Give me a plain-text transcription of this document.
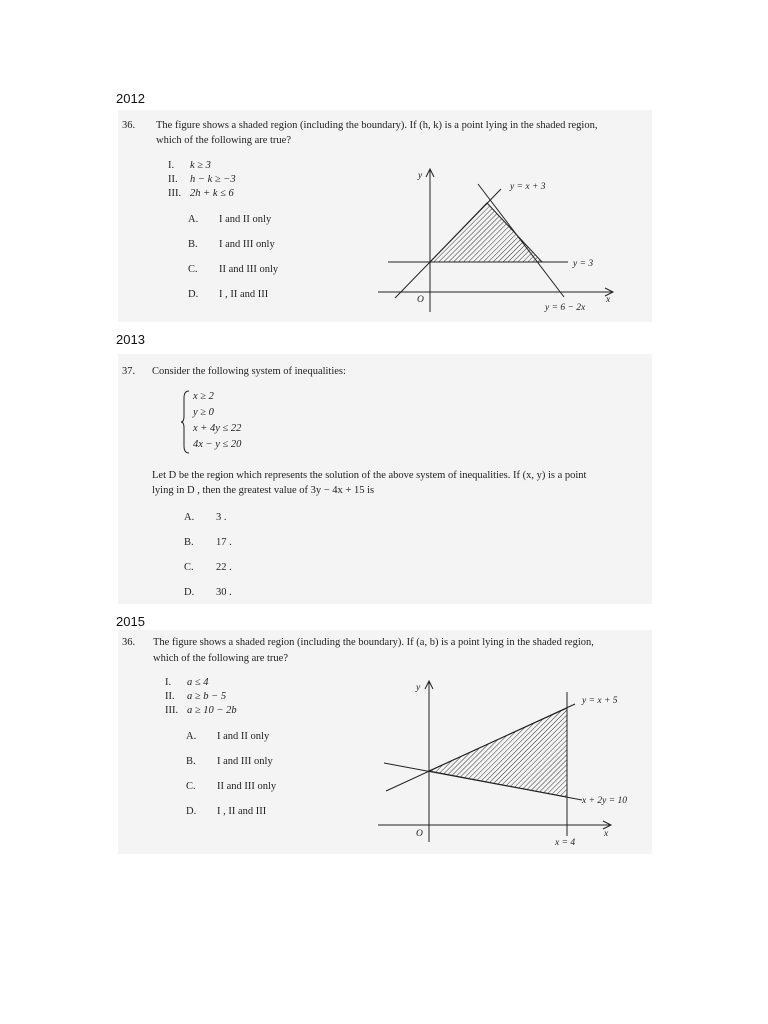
2012
36. The figure shows a shaded region (including the boundary). If (h, k) is a point lying in the shaded region,
which of the following are true?
I. k ≥ 3
II. h − k ≥ −3
III. 2h + k ≤ 6
A. I and II only
B. I and III only
C. II and III only
D. I , II and III
y
x
O
y = x + 3
y = 3
y = 6 − 2x
2013
37. Consider the following system of inequalities:
x ≥ 2
y ≥ 0
x + 4y ≤ 22
4x − y ≤ 20
Let D be the region which represents the solution of the above system of inequalities. If (x, y) is a point
lying in D , then the greatest value of 3y − 4x + 15 is
A. 3 .
B. 17 .
C. 22 .
D. 30 .
2015
36. The figure shows a shaded region (including the boundary). If (a, b) is a point lying in the shaded region,
which of the following are true?
I. a ≤ 4
II. a ≥ b − 5
III. a ≥ 10 − 2b
A. I and II only
B. I and III only
C. II and III only
D. I , II and III
y
x
O
y = x + 5
x + 2y = 10
x = 4
